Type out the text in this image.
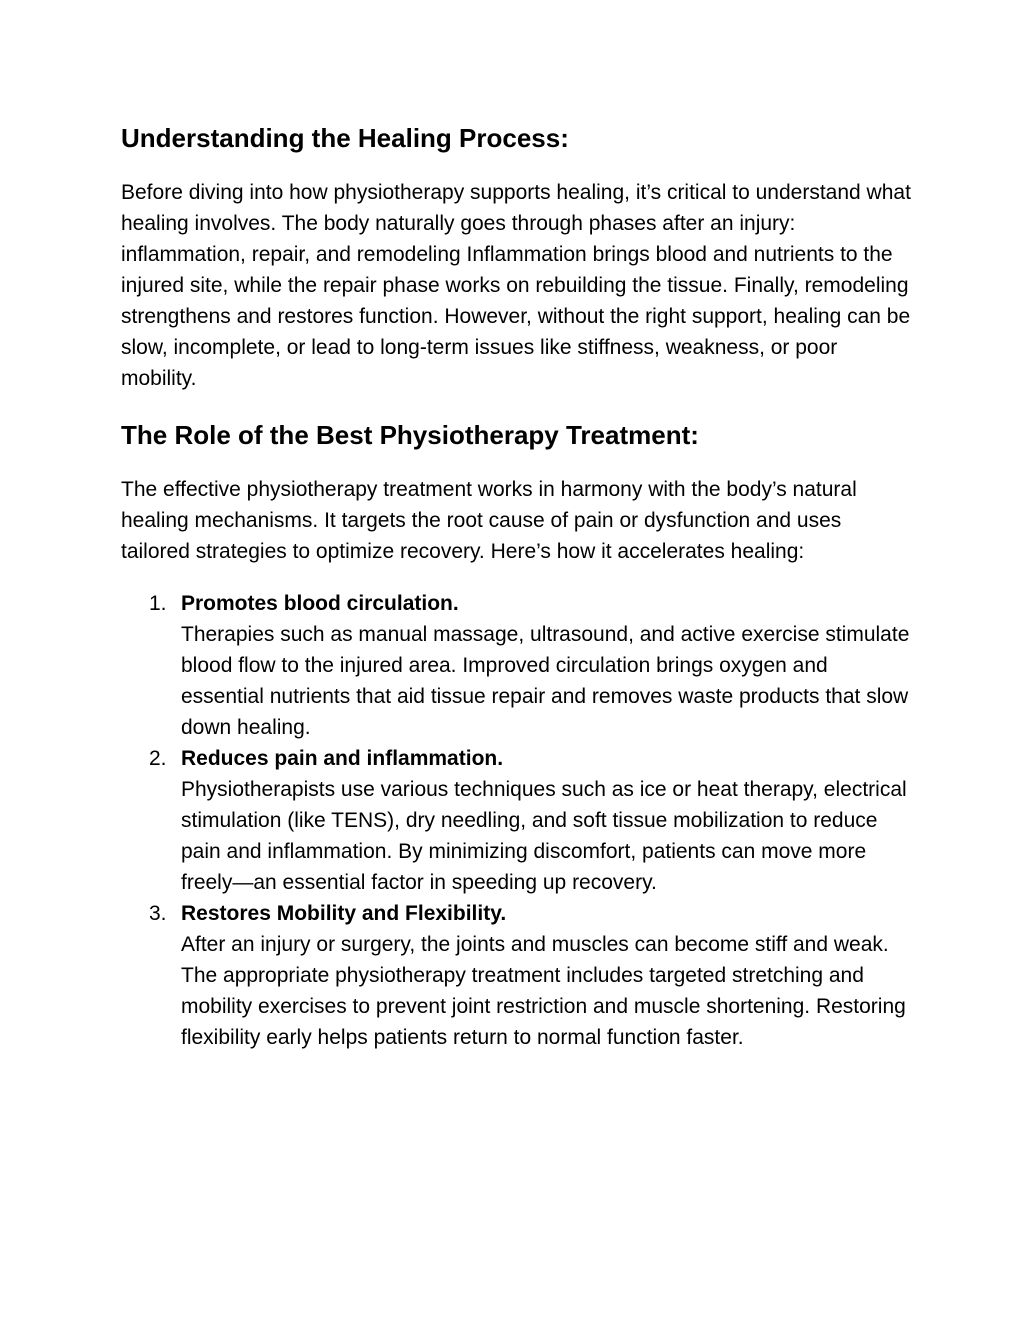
Understanding the Healing Process:

Before diving into how physiotherapy supports healing, it’s critical to understand what healing involves. The body naturally goes through phases after an injury: inflammation, repair, and remodeling Inflammation brings blood and nutrients to the injured site, while the repair phase works on rebuilding the tissue. Finally, remodeling strengthens and restores function. However, without the right support, healing can be slow, incomplete, or lead to long-term issues like stiffness, weakness, or poor mobility.

The Role of the Best Physiotherapy Treatment:

The effective physiotherapy treatment works in harmony with the body’s natural healing mechanisms. It targets the root cause of pain or dysfunction and uses tailored strategies to optimize recovery. Here’s how it accelerates healing:

1. Promotes blood circulation.
Therapies such as manual massage, ultrasound, and active exercise stimulate blood flow to the injured area. Improved circulation brings oxygen and essential nutrients that aid tissue repair and removes waste products that slow down healing.
2. Reduces pain and inflammation.
Physiotherapists use various techniques such as ice or heat therapy, electrical stimulation (like TENS), dry needling, and soft tissue mobilization to reduce pain and inflammation. By minimizing discomfort, patients can move more freely—an essential factor in speeding up recovery.
3. Restores Mobility and Flexibility.
After an injury or surgery, the joints and muscles can become stiff and weak. The appropriate physiotherapy treatment includes targeted stretching and mobility exercises to prevent joint restriction and muscle shortening. Restoring flexibility early helps patients return to normal function faster.
